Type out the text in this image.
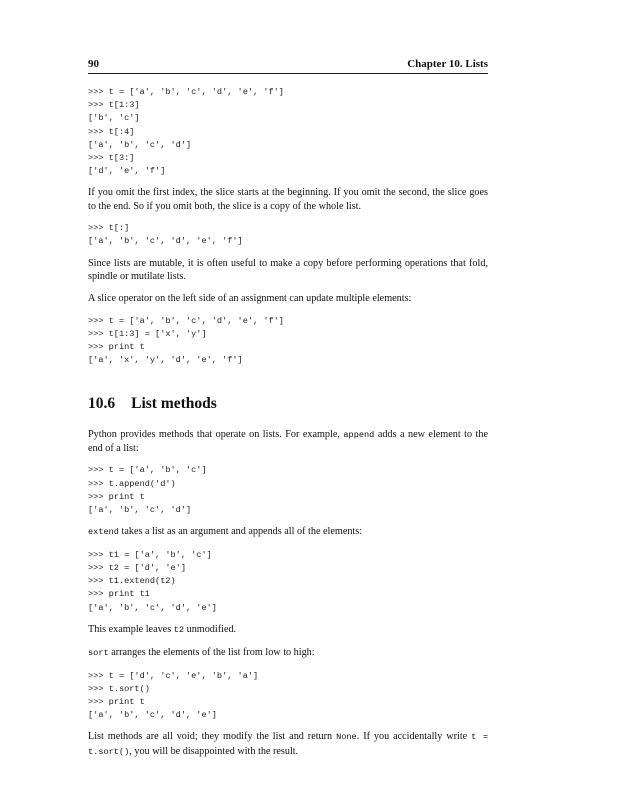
90	Chapter 10. Lists
>>> t = ['a', 'b', 'c', 'd', 'e', 'f']
>>> t[1:3]
['b', 'c']
>>> t[:4]
['a', 'b', 'c', 'd']
>>> t[3:]
['d', 'e', 'f']

If you omit the first index, the slice starts at the beginning. If you omit the second, the slice goes to the end. So if you omit both, the slice is a copy of the whole list.

>>> t[:]
['a', 'b', 'c', 'd', 'e', 'f']

Since lists are mutable, it is often useful to make a copy before performing operations that fold, spindle or mutilate lists.

A slice operator on the left side of an assignment can update multiple elements:

>>> t = ['a', 'b', 'c', 'd', 'e', 'f']
>>> t[1:3] = ['x', 'y']
>>> print t
['a', 'x', 'y', 'd', 'e', 'f']
10.6 List methods

Python provides methods that operate on lists. For example, append adds a new element to the end of a list:

>>> t = ['a', 'b', 'c']
>>> t.append('d')
>>> print t
['a', 'b', 'c', 'd']

extend takes a list as an argument and appends all of the elements:

>>> t1 = ['a', 'b', 'c']
>>> t2 = ['d', 'e']
>>> t1.extend(t2)
>>> print t1
['a', 'b', 'c', 'd', 'e']

This example leaves t2 unmodified.

sort arranges the elements of the list from low to high:

>>> t = ['d', 'c', 'e', 'b', 'a']
>>> t.sort()
>>> print t
['a', 'b', 'c', 'd', 'e']

List methods are all void; they modify the list and return None. If you accidentally write t = t.sort(), you will be disappointed with the result.
